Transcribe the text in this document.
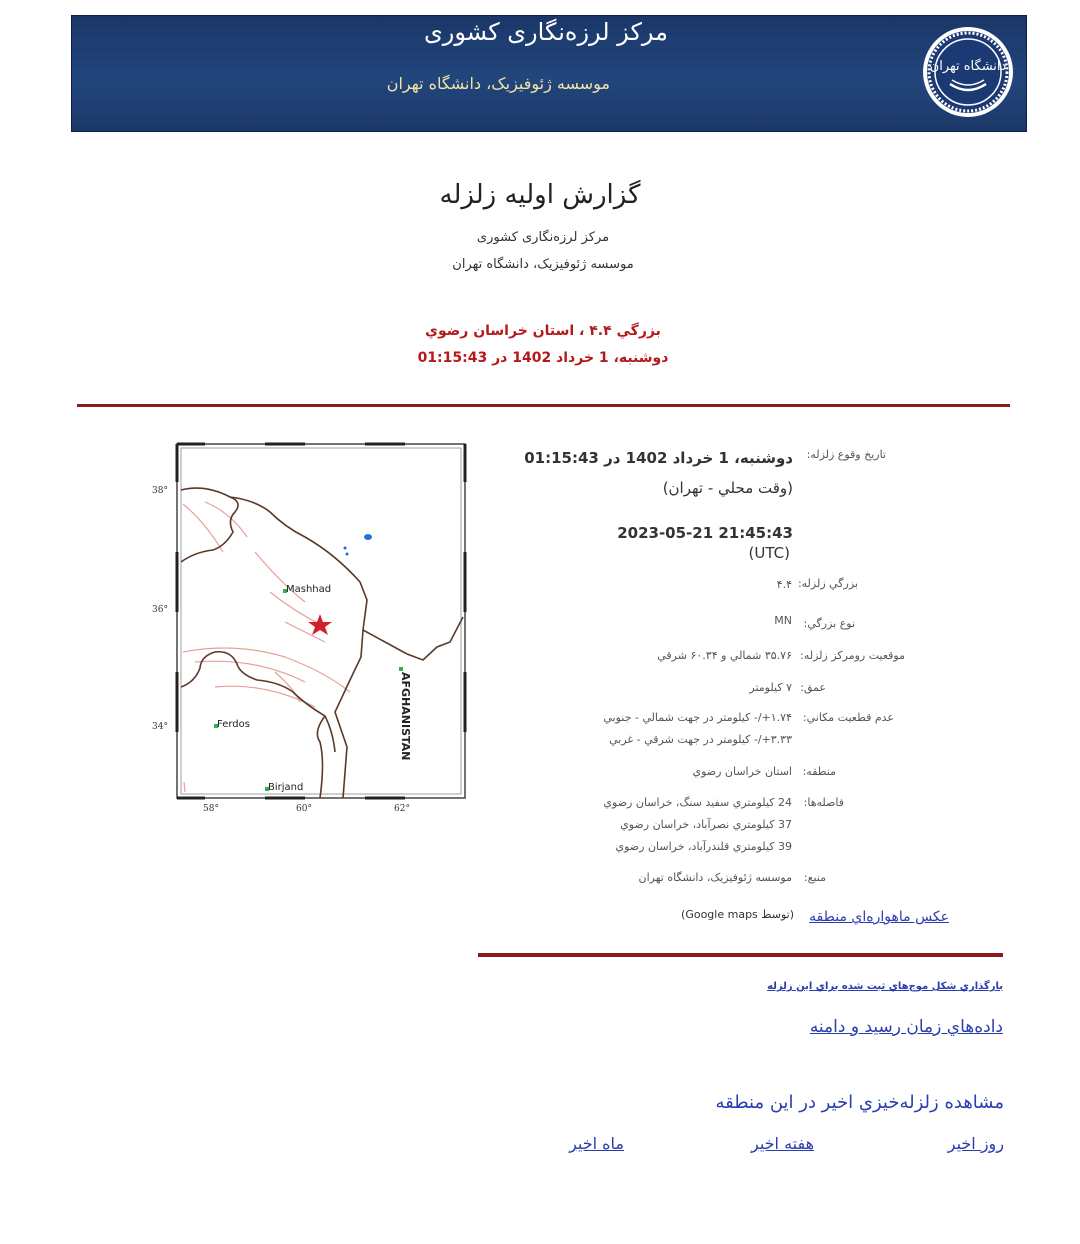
مرکز لرزه‌نگاری کشوری
موسسه ژئوفیزیک، دانشگاه تهران
دانشگاه تهران
گزارش اوليه زلزله
مرکز لرزه‌نگاری کشوری
موسسه ژئوفیزیک، دانشگاه تهران
بزرگي ۴.۴ ، استان خراسان رضوي
دوشنبه، 1 خرداد 1402 در 01:15:43
Mashhad
Ferdos
Birjand
AFGHANISTAN
38°
36°
34°
58°	60°	62°
تاريخ وقوع زلزله:
دوشنبه، 1 خرداد 1402 در 01:15:43
(وقت محلي - تهران)
2023-05-21 21:45:43
(UTC)
بزرگي زلزله:
۴.۴
نوع بزرگي:
MN
موقعيت رومرکز زلزله:
۳۵.۷۶ شمالي و ۶۰.۳۴ شرقي
عمق:
۷ کيلومتر
عدم قطعيت مکاني:
۱.۷۴+/- کيلومتر در جهت شمالي - جنوبي
۳.۳۳+/- کيلومتر در جهت شرقي - غربي
منطقه:
استان خراسان رضوي
فاصله‌ها:
24 کيلومتري سفيد سنگ، خراسان رضوي
37 کيلومتري نصرآباد، خراسان رضوي
39 کيلومتري قلندرآباد، خراسان رضوي
منبع:
موسسه ژئوفيزيک، دانشگاه تهران
عکس ماهواره‌اي منطقه
(توسط Google maps)
بارگذاري شکل موج‌هاي ثبت شده براي اين زلزله
داده‌هاي زمان رسيد و دامنه
مشاهده زلزله‌خيزي اخير در اين منطقه
روز اخير
هفته اخير
ماه اخير
